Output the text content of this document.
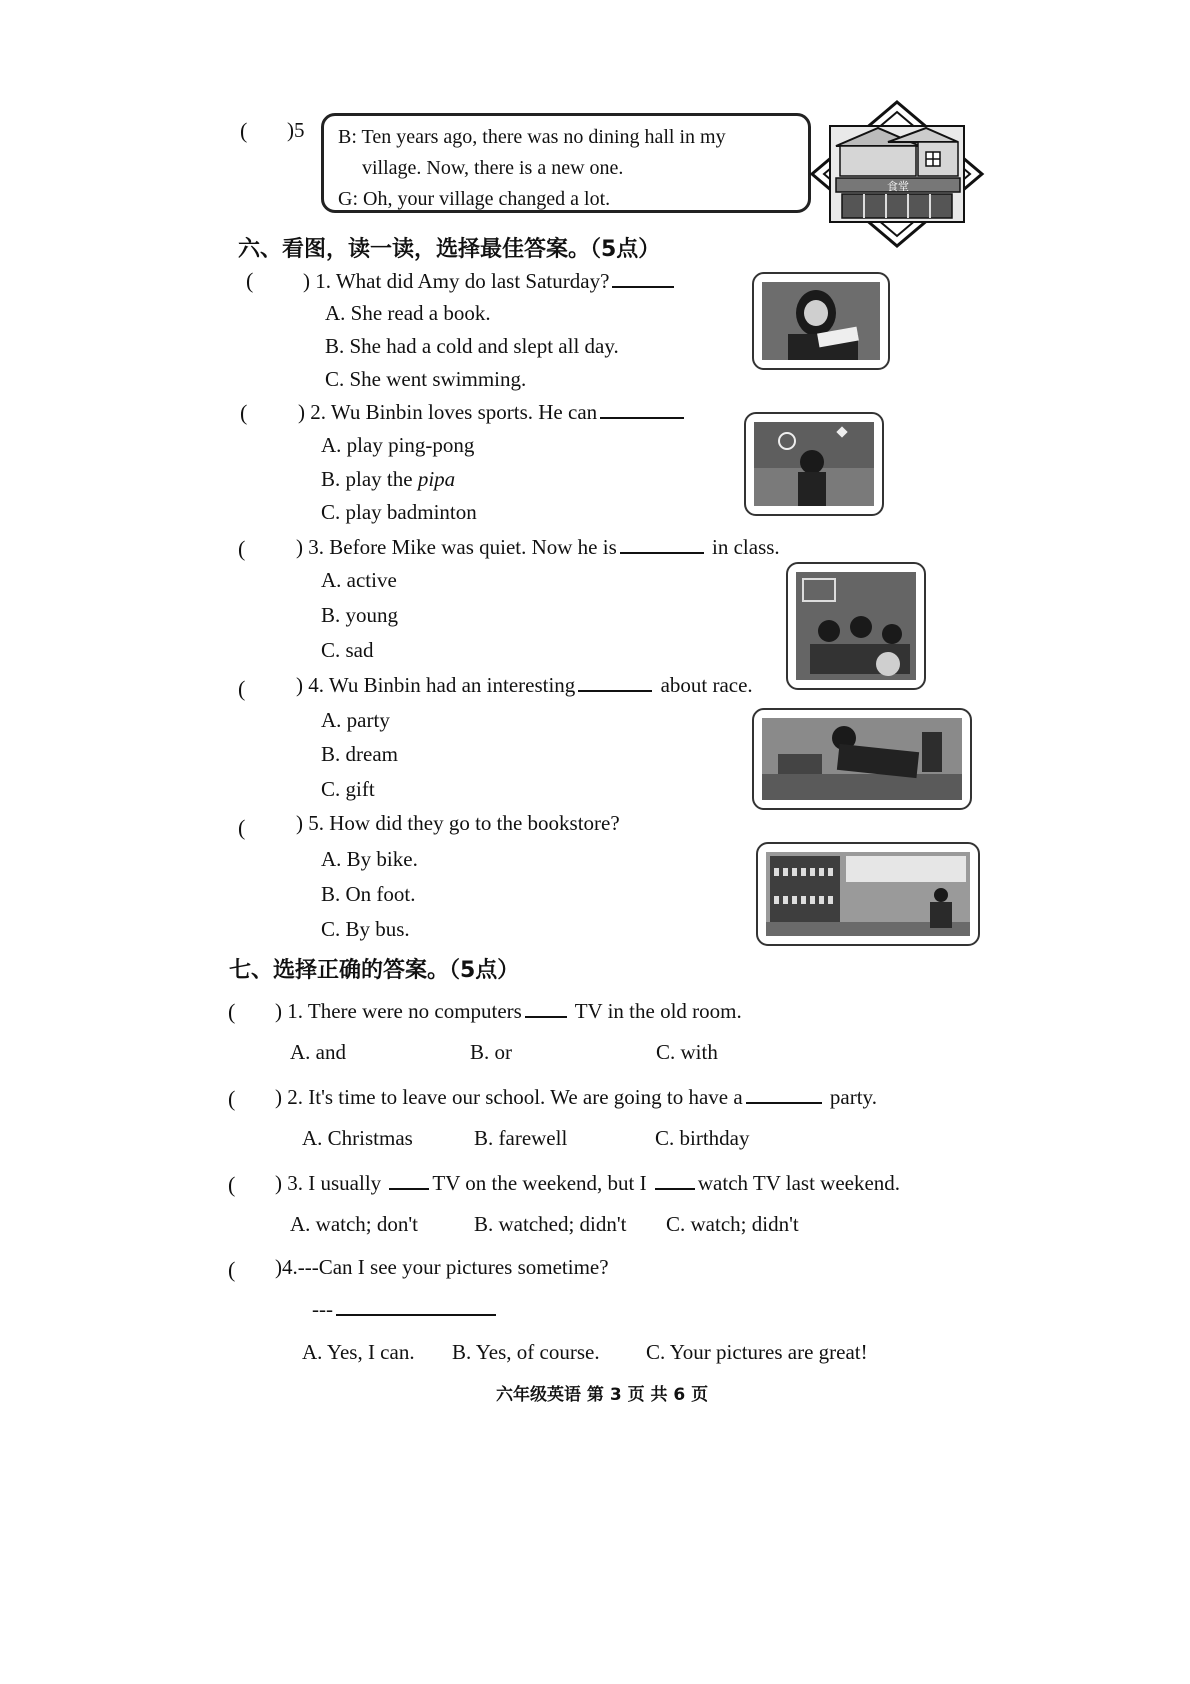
( )5 B: Ten years ago, there was no dining hall in my
village. Now, there is a new one.
G: Oh, your village changed a lot.
食堂
六、看图，读一读，选择最佳答案。（5点）
( ) 1. What did Amy do last Saturday?
A. She read a book.
B. She had a cold and slept all day.
C. She went swimming.
( ) 2. Wu Binbin loves sports. He can
A. play ping-pong
B. play the pipa
C. play badminton
( ) 3. Before Mike was quiet. Now he is	in class.
A. active
B. young
C. sad
( ) 4. Wu Binbin had an interesting	about race.
A. party
B. dream
C. gift
( ) 5. How did they go to the bookstore?
A. By bike.
B. On foot.
C. By bus.
七、选择正确的答案。（5点）
( ) 1. There were no computers	TV in the old room.
A. and	B. or	C. with
( ) 2. It's time to leave our school. We are going to have a	party.
A. Christmas	B. farewell	C. birthday
( ) 3. I usually TV on the weekend, but I watch TV last weekend.
A. watch; don't	B. watched; didn't C. watch; didn't
( )4.---Can I see your pictures sometime?
---
A. Yes, I can. B. Yes, of course. C. Your pictures are great!
六年级英语 第 3 页 共 6 页
